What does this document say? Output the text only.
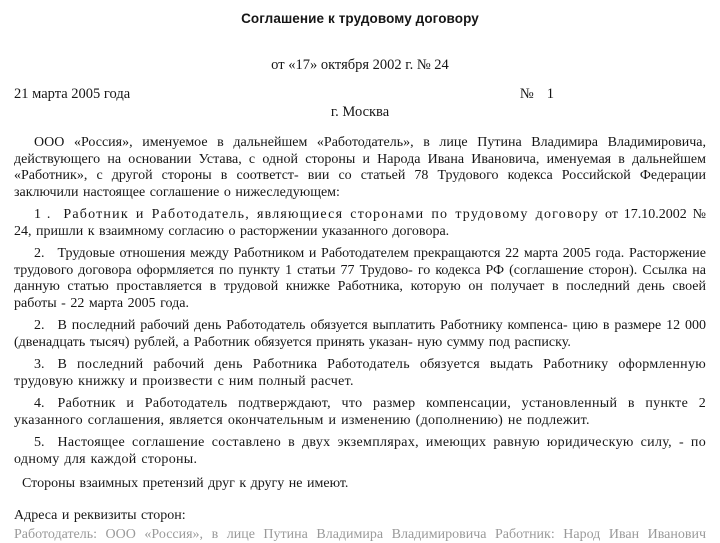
Соглашение к трудовому договору

от «17» октября 2002 г. № 24

21 марта 2005 года	№ 1

г. Москва

ООО «Россия», именуемое в дальнейшем «Работодатель», в лице Путина Владимира Владимировича, действующего на основании Устава, с одной стороны и Народа Ивана Ивановича, именуемая в дальнейшем «Работник», с другой стороны в соответст- вии со статьей 78 Трудового кодекса Российской Федерации заключили настоящее соглашение о нижеследующем:

1 . Работник и Работодатель, являющиеся сторонами по трудовому договору от 17.10.2002 № 24, пришли к взаимному согласию о расторжении указанного договора.

2. Трудовые отношения между Работником и Работодателем прекращаются 22 марта 2005 года. Расторжение трудового договора оформляется по пункту 1 статьи 77 Трудово- го кодекса РФ (соглашение сторон). Ссылка на данную статью проставляется в трудовой книжке Работника, которую он получает в последний день своей работы - 22 марта 2005 года.

2. В последний рабочий день Работодатель обязуется выплатить Работнику компенса- цию в размере 12 000 (двенадцать тысяч) рублей, а Работник обязуется принять указан- ную сумму под расписку.

3. В последний рабочий день Работника Работодатель обязуется выдать Работнику оформленную трудовую книжку и произвести с ним полный расчет.

4. Работник и Работодатель подтверждают, что размер компенсации, установленный в пункте 2 указанного соглашения, является окончательным и изменению (дополнению) не подлежит.

5. Настоящее соглашение составлено в двух экземплярах, имеющих равную юридическую силу, - по одному для каждой стороны.

Стороны взаимных претензий друг к другу не имеют.

Адреса и реквизиты сторон:

Работодатель: ООО «Россия», в лице Путина Владимира Владимировича Работник: Народ Иван Иванович
